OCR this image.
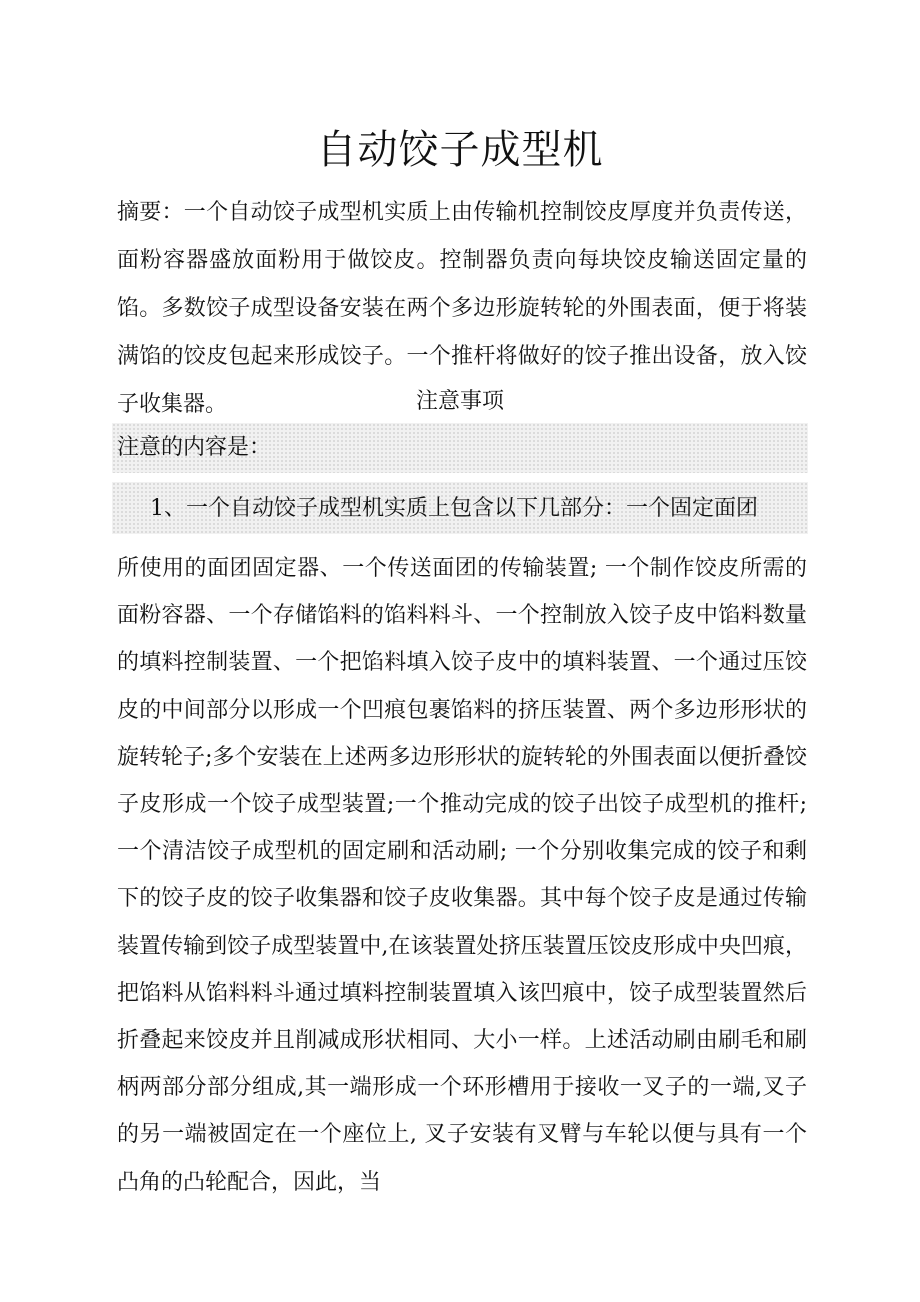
自动饺子成型机

摘要：一个自动饺子成型机实质上由传输机控制饺皮厚度并负责传送，面粉容器盛放面粉用于做饺皮。控制器负责向每块饺皮输送固定量的馅。多数饺子成型设备安装在两个多边形旋转轮的外围表面，便于将装满馅的饺皮包起来形成饺子。一个推杆将做好的饺子推出设备，放入饺子收集器。	注意事项

注意的内容是：

1、一个自动饺子成型机实质上包含以下几部分：一个固定面团

所使用的面团固定器、一个传送面团的传输装置; 一个制作饺皮所需的面粉容器、一个存储馅料的馅料料斗、一个控制放入饺子皮中馅料数量的填料控制装置、一个把馅料填入饺子皮中的填料装置、一个通过压饺皮的中间部分以形成一个凹痕包裹馅料的挤压装置、两个多边形形状的旋转轮子;多个安装在上述两多边形形状的旋转轮的外围表面以便折叠饺子皮形成一个饺子成型装置;一个推动完成的饺子出饺子成型机的推杆;一个清洁饺子成型机的固定刷和活动刷; 一个分别收集完成的饺子和剩下的饺子皮的饺子收集器和饺子皮收集器。其中每个饺子皮是通过传输装置传输到饺子成型装置中,在该装置处挤压装置压饺皮形成中央凹痕，把馅料从馅料料斗通过填料控制装置填入该凹痕中，饺子成型装置然后折叠起来饺皮并且削减成形状相同、大小一样。上述活动刷由刷毛和刷柄两部分部分组成,其一端形成一个环形槽用于接收一叉子的一端,叉子的另一端被固定在一个座位上, 叉子安装有叉臂与车轮以便与具有一个凸角的凸轮配合，因此，当
